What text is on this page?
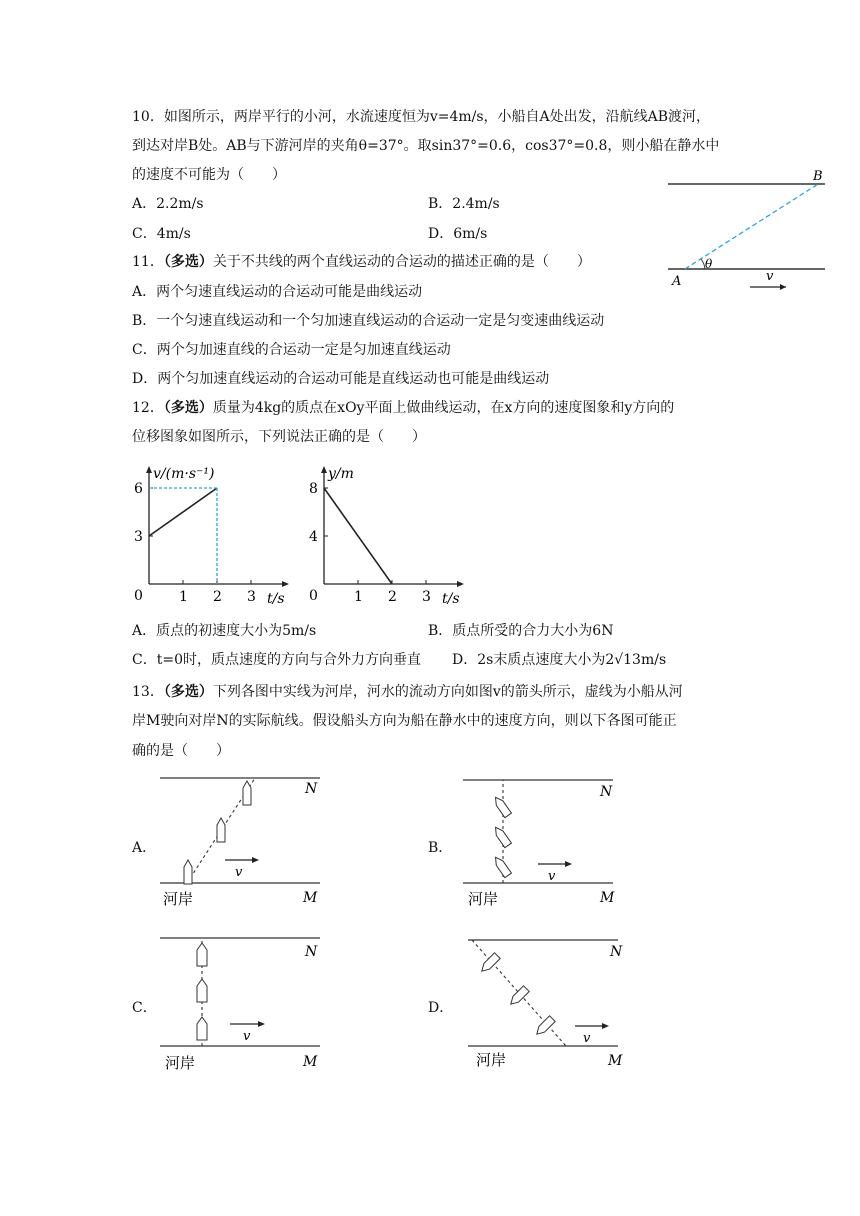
10．如图所示，两岸平行的小河，水流速度恒为v=4m/s，小船自A处出发，沿航线AB渡河，
到达对岸B处。AB与下游河岸的夹角θ=37°。取sin37°=0.6，cos37°=0.8，则小船在静水中
的速度不可能为（　　）
A．2.2m/s	B．2.4m/s
C．4m/s	D．6m/s
B
A
θ
v
11．（多选）关于不共线的两个直线运动的合运动的描述正确的是（　　）
A．两个匀速直线运动的合运动可能是曲线运动
B．一个匀速直线运动和一个匀加速直线运动的合运动一定是匀变速曲线运动
C．两个匀加速直线的合运动一定是匀加速直线运动
D．两个匀加速直线运动的合运动可能是直线运动也可能是曲线运动
12．（多选）质量为4kg的质点在xOy平面上做曲线运动，在x方向的速度图象和y方向的
位移图象如图所示，下列说法正确的是（　　）
1 2 3
3
6
0	t/s
v/(m·s⁻¹)
1 2 3
4
8
0	t/s
y/m
A．质点的初速度大小为5m/s	B．质点所受的合力大小为6N
C．t=0时，质点速度的方向与合外力方向垂直 D．2s末质点速度大小为2√13m/s
13．（多选）下列各图中实线为河岸，河水的流动方向如图v的箭头所示，虚线为小船从河
岸M驶向对岸N的实际航线。假设船头方向为船在静水中的速度方向，则以下各图可能正
确的是（　　）
A．
v
N
M
河岸
B．
v
N
M
河岸
C．
v
N
M
河岸
D．
v
N
M
河岸
